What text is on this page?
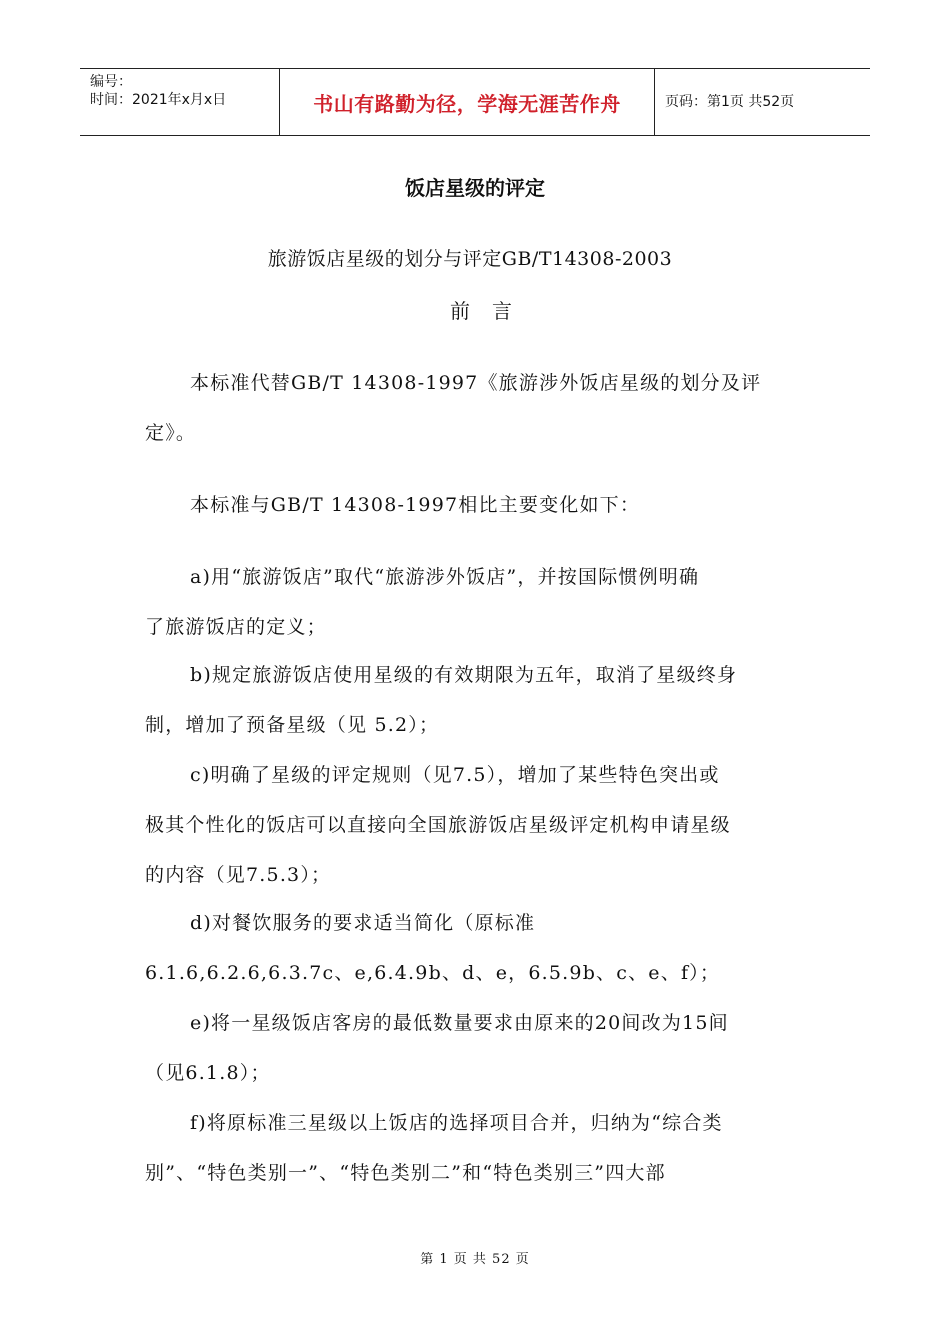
编号：
时间：2021年x月x日	书山有路勤为径，学海无涯苦作舟	页码：第1页 共52页
饭店星级的评定
旅游饭店星级的划分与评定GB/T14308-2003
前言
本标准代替GB/T 14308-1997《旅游涉外饭店星级的划分及评
定》。
本标准与GB/T 14308-1997相比主要变化如下：
a)用“旅游饭店”取代“旅游涉外饭店”，并按国际惯例明确
了旅游饭店的定义；
b)规定旅游饭店使用星级的有效期限为五年，取消了星级终身
制，增加了预备星级（见 5.2）；
c)明确了星级的评定规则（见7.5），增加了某些特色突出或
极其个性化的饭店可以直接向全国旅游饭店星级评定机构申请星级
的内容（见7.5.3）；
d)对餐饮服务的要求适当简化（原标准
6.1.6,6.2.6,6.3.7c、e,6.4.9b、d、e，6.5.9b、c、e、f）；
e)将一星级饭店客房的最低数量要求由原来的20间改为15间
（见6.1.8）；
f)将原标准三星级以上饭店的选择项目合并，归纳为“综合类
别”、“特色类别一”、“特色类别二”和“特色类别三”四大部
第 1 页 共 52 页
